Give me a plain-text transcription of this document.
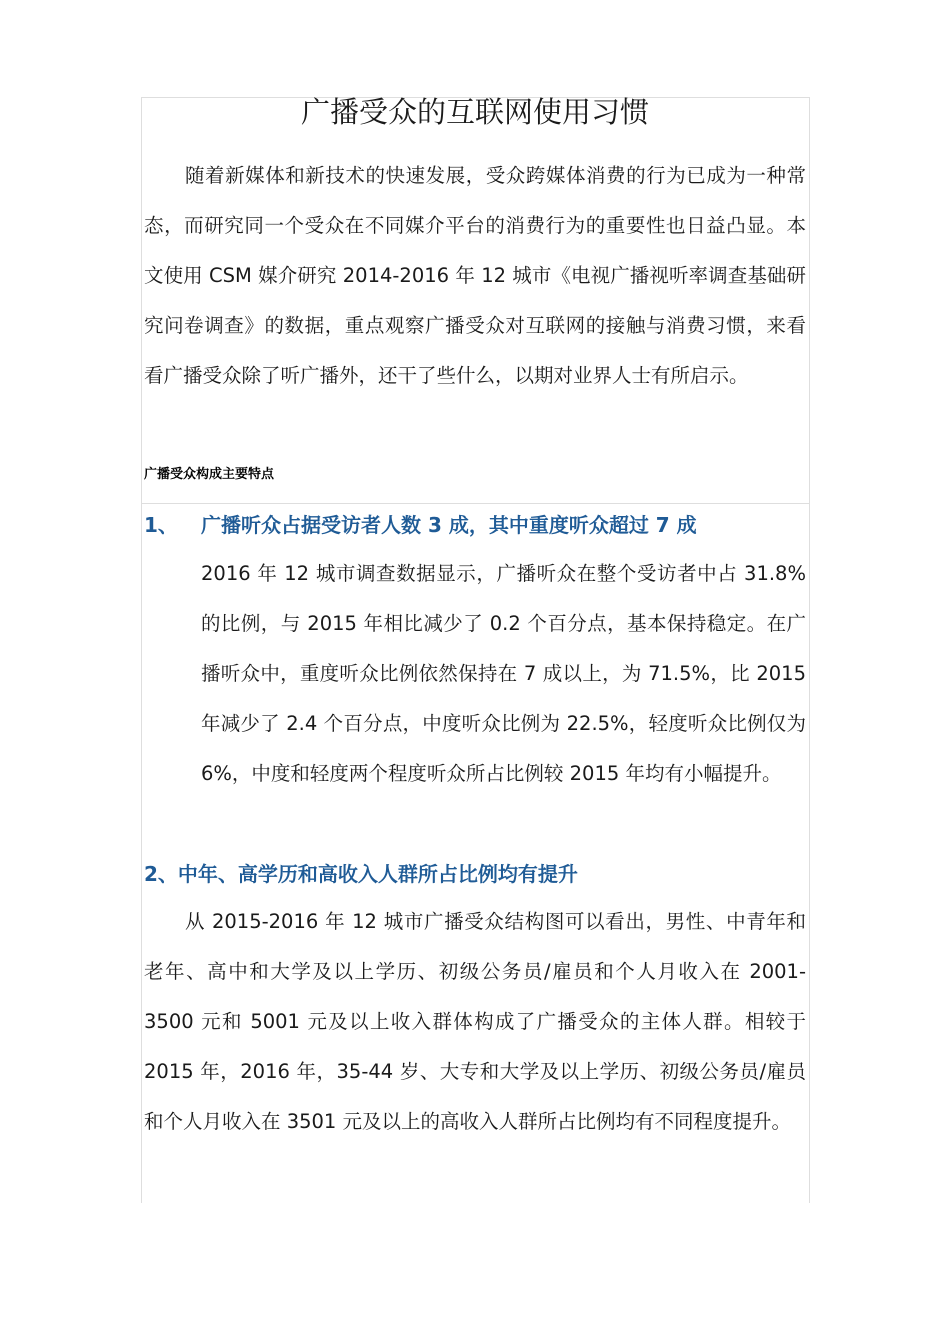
广播受众的互联网使用习惯

随着新媒体和新技术的快速发展，受众跨媒体消费的行为已成为一种常态，而研究同一个受众在不同媒介平台的消费行为的重要性也日益凸显。本文使用 CSM 媒介研究 2014-2016 年 12 城市《电视广播视听率调查基础研究问卷调查》的数据，重点观察广播受众对互联网的接触与消费习惯，来看看广播受众除了听广播外，还干了些什么，以期对业界人士有所启示。

广播受众构成主要特点
1、 广播听众占据受访者人数 3 成，其中重度听众超过 7 成

2016 年 12 城市调查数据显示，广播听众在整个受访者中占 31.8% 的比例，与 2015 年相比减少了 0.2 个百分点，基本保持稳定。在广播听众中，重度听众比例依然保持在 7 成以上，为 71.5%，比 2015 年减少了 2.4 个百分点，中度听众比例为 22.5%，轻度听众比例仅为 6%，中度和轻度两个程度听众所占比例较 2015 年均有小幅提升。

2、中年、高学历和高收入人群所占比例均有提升

从 2015-2016 年 12 城市广播受众结构图可以看出，男性、中青年和老年、高中和大学及以上学历、初级公务员/雇员和个人月收入在 2001-3500 元和 5001 元及以上收入群体构成了广播受众的主体人群。相较于 2015 年，2016 年，35-44 岁、大专和大学及以上学历、初级公务员/雇员和个人月收入在 3501 元及以上的高收入人群所占比例均有不同程度提升。
